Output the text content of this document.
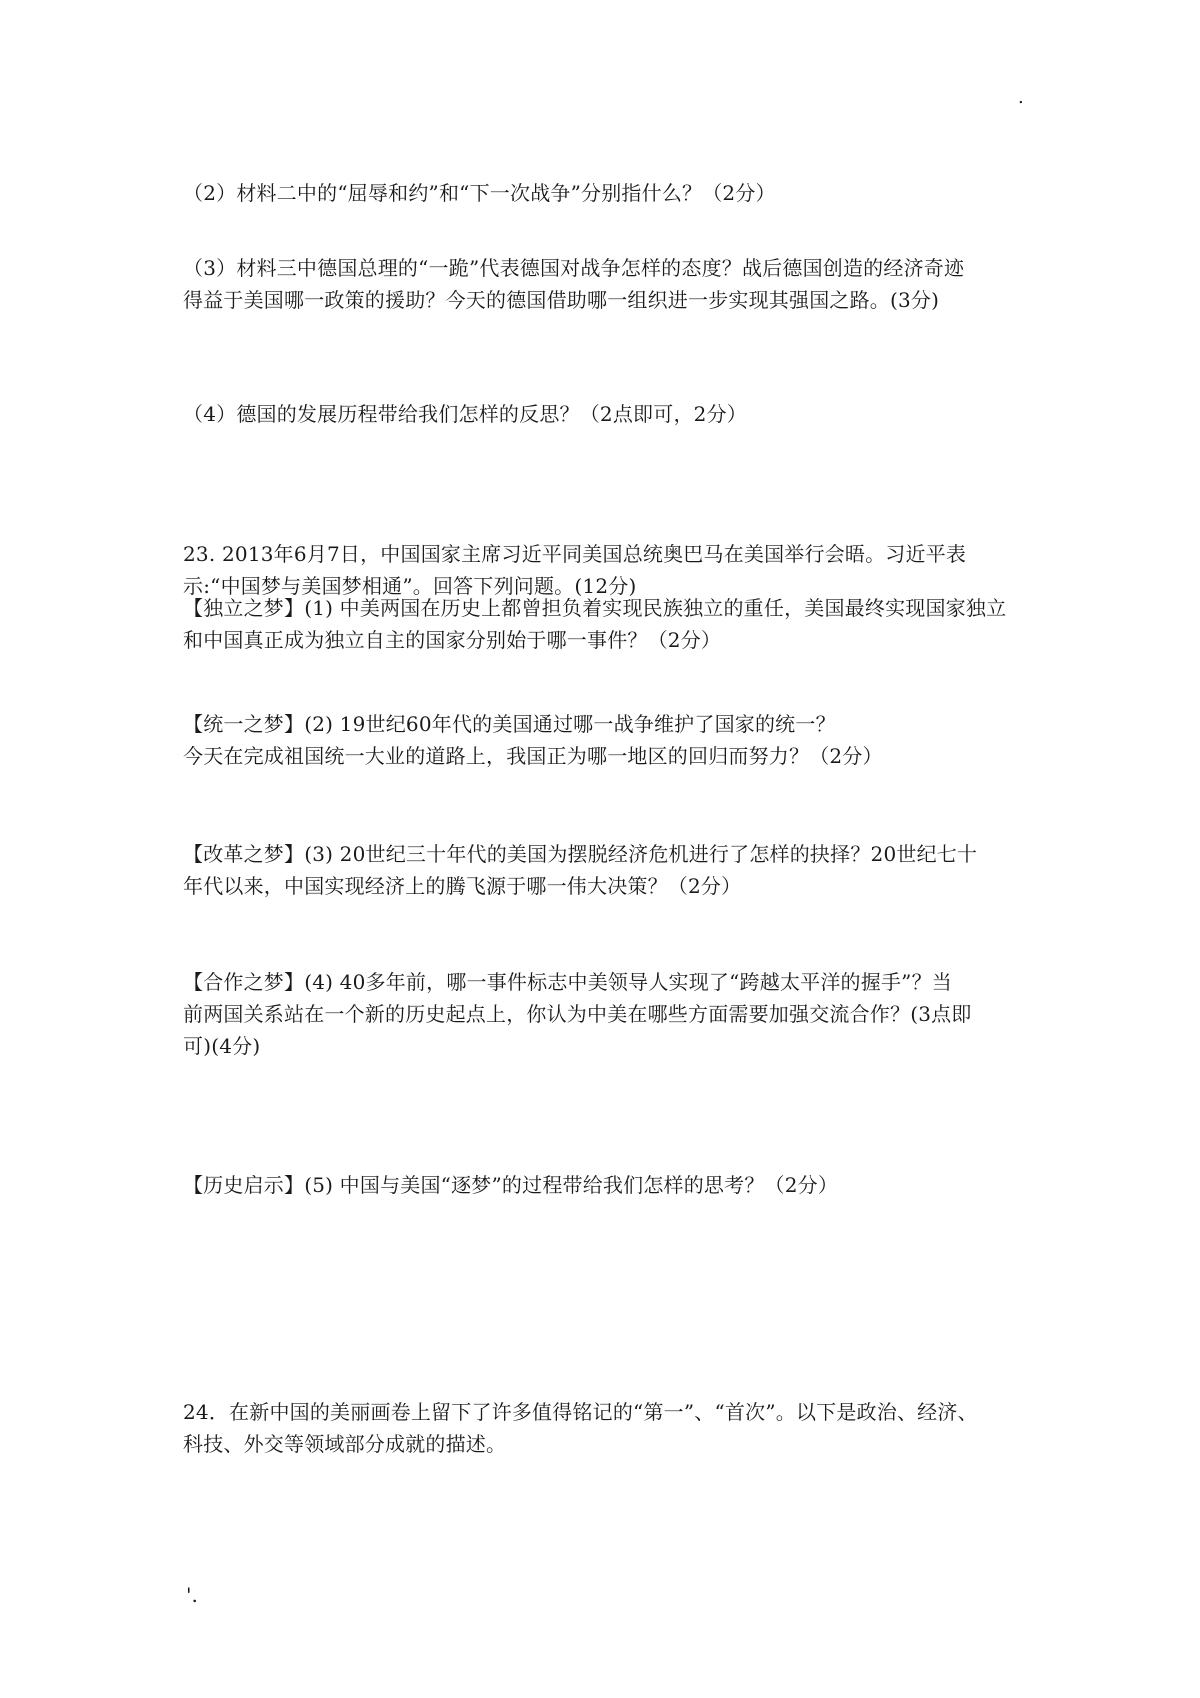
.
（2）材料二中的“屈辱和约”和“下一次战争”分别指什么？（2分）
（3）材料三中德国总理的“一跪”代表德国对战争怎样的态度？战后德国创造的经济奇迹
得益于美国哪一政策的援助？今天的德国借助哪一组织进一步实现其强国之路。(3分)
（4）德国的发展历程带给我们怎样的反思？（2点即可，2分）
23. 2013年6月7日，中国国家主席习近平同美国总统奥巴马在美国举行会晤。习近平表
示:“中国梦与美国梦相通”。回答下列问题。(12分)
【独立之梦】(1) 中美两国在历史上都曾担负着实现民族独立的重任，美国最终实现国家独立
和中国真正成为独立自主的国家分别始于哪一事件？（2分）
【统一之梦】(2) 19世纪60年代的美国通过哪一战争维护了国家的统一？
今天在完成祖国统一大业的道路上，我国正为哪一地区的回归而努力？（2分）
【改革之梦】(3) 20世纪三十年代的美国为摆脱经济危机进行了怎样的抉择？20世纪七十
年代以来，中国实现经济上的腾飞源于哪一伟大决策？（2分）
【合作之梦】(4) 40多年前，哪一事件标志中美领导人实现了“跨越太平洋的握手”？当
前两国关系站在一个新的历史起点上，你认为中美在哪些方面需要加强交流合作？(3点即
可)(4分)
【历史启示】(5) 中国与美国“逐梦”的过程带给我们怎样的思考？（2分）
24．在新中国的美丽画卷上留下了许多值得铭记的“第一”、“首次”。以下是政治、经济、
科技、外交等领域部分成就的描述。
'.
